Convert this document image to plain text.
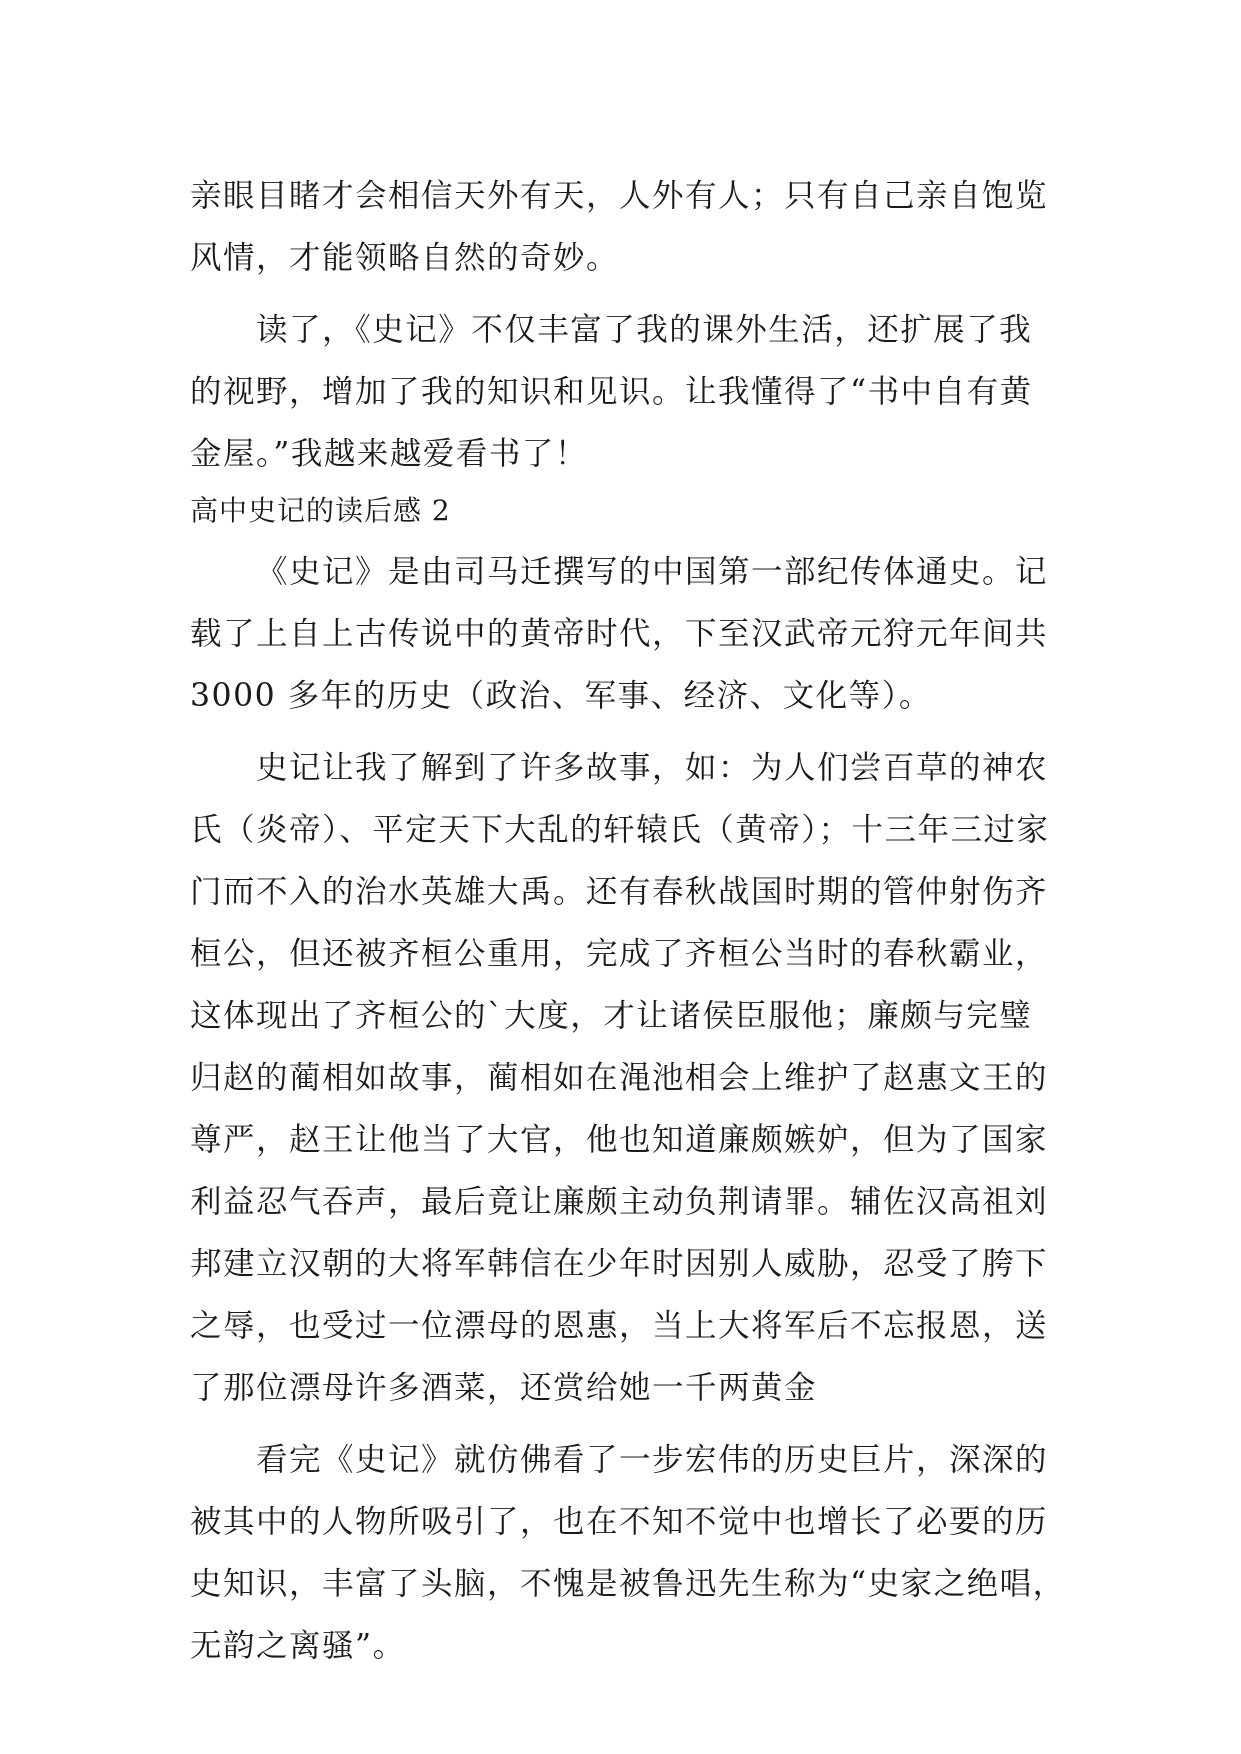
亲眼目睹才会相信天外有天，人外有人；只有自己亲自饱览
风情，才能领略自然的奇妙。
读了，《史记》不仅丰富了我的课外生活，还扩展了我
的视野，增加了我的知识和见识。让我懂得了“书中自有黄
金屋。”我越来越爱看书了！
高中史记的读后感 2
《史记》是由司马迁撰写的中国第一部纪传体通史。记
载了上自上古传说中的黄帝时代，下至汉武帝元狩元年间共
3000 多年的历史（政治、军事、经济、文化等）。
史记让我了解到了许多故事，如：为人们尝百草的神农
氏（炎帝）、平定天下大乱的轩辕氏（黄帝）；十三年三过家
门而不入的治水英雄大禹。还有春秋战国时期的管仲射伤齐
桓公，但还被齐桓公重用，完成了齐桓公当时的春秋霸业，
这体现出了齐桓公的`大度，才让诸侯臣服他；廉颇与完璧
归赵的蔺相如故事，蔺相如在渑池相会上维护了赵惠文王的
尊严，赵王让他当了大官，他也知道廉颇嫉妒，但为了国家
利益忍气吞声，最后竟让廉颇主动负荆请罪。辅佐汉高祖刘
邦建立汉朝的大将军韩信在少年时因别人威胁，忍受了胯下
之辱，也受过一位漂母的恩惠，当上大将军后不忘报恩，送
了那位漂母许多酒菜，还赏给她一千两黄金
看完《史记》就仿佛看了一步宏伟的历史巨片，深深的
被其中的人物所吸引了，也在不知不觉中也增长了必要的历
史知识，丰富了头脑，不愧是被鲁迅先生称为“史家之绝唱，
无韵之离骚”。
